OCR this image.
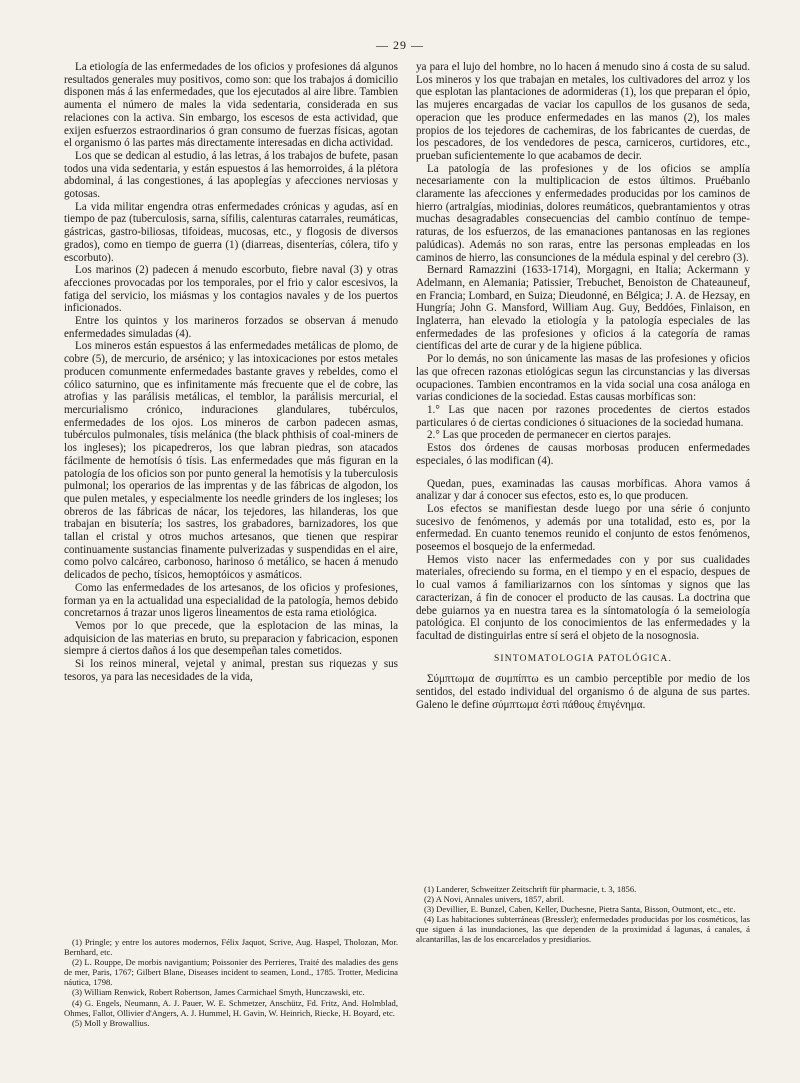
— 29 —

La etiología de las enfermedades de los oficios y profesiones dá algunos resultados generales muy positivos, como son: que los trabajos á domicilio disponen más á las enfermedades, que los ejecutados al aire libre. Tambien aumenta el número de males la vida sedentaria, considerada en sus relaciones con la activa. Sin embargo, los escesos de esta actividad, que exijen esfuerzos estraordinarios ó gran consumo de fuerzas físicas, agotan el organismo ó las partes más directamente interesadas en dicha actividad.

Los que se dedican al estudio, á las letras, á los trabajos de bufete, pasan todos una vida sedentaria, y están espuestos á las hemorroides, á la plétora abdominal, á las congestiones, á las apoplegías y afecciones nerviosas y gotosas.

La vida militar engendra otras enfermedades crónicas y agudas, así en tiempo de paz (tuberculosis, sarna, sífilis, calenturas catarrales, reumáticas, gástricas, gastro-biliosas, tifoideas, mucosas, etc., y flogosis de diversos grados), como en tiempo de guerra (1) (diarreas, disenterías, cólera, tifo y escorbuto).

Los marinos (2) padecen á menudo escorbuto, fiebre naval (3) y otras afecciones provocadas por los temporales, por el frio y calor escesivos, la fatiga del servicio, los miásmas y los contagios navales y de los puertos inficionados.

Entre los quintos y los marineros forzados se observan á menudo enfermedades simuladas (4).

Los mineros están espuestos á las enfermedades metálicas de plomo, de cobre (5), de mercurio, de arsénico; y las intoxicaciones por estos metales producen comunmente enfermedades bastante graves y rebeldes, como el cólico saturnino, que es infinitamente más frecuente que el de cobre, las atrofias y las parálisis metálicas, el temblor, la parálisis mercurial, el mercurialismo crónico, induraciones glandulares, tubérculos, enfermedades de los ojos. Los mineros de carbon padecen asmas, tubérculos pulmonales, tísis melánica (the black phthisis of coal-miners de los ingleses); los picapedreros, los que labran piedras, son atacados fácilmente de hemotísis ó tísis. Las enfermedades que más figuran en la patología de los oficios son por punto general la hemotísis y la tuberculosis pulmonal; los operarios de las imprentas y de las fábricas de algodon, los que pulen metales, y especialmente los needle grinders de los ingleses; los obreros de las fábricas de nácar, los tejedores, las hilanderas, los que trabajan en bisutería; los sastres, los grabadores, barnizadores, los que tallan el cristal y otros muchos artesanos, que tienen que respirar continuamente sustancias finamente pulverizadas y suspendidas en el aire, como polvo calcáreo, carbonoso, harinoso ó metálico, se hacen á menudo delicados de pecho, tísicos, hemoptóicos y asmáticos.

Como las enfermedades de los artesanos, de los oficios y profesiones, forman ya en la actualidad una especialidad de la patología, hemos debido concretarnos á trazar unos ligeros lineamentos de esta rama etiológica.

Vemos por lo que precede, que la esplotacion de las minas, la adquisicion de las materias en bruto, su preparacion y fabricacion, esponen siempre á ciertos daños á los que desempeñan tales cometidos.

Si los reinos mineral, vejetal y animal, prestan sus riquezas y sus tesoros, ya para las necesidades de la vida,

(1) Pringle; y entre los autores modernos, Félix Jaquot, Scrive, Aug. Haspel, Tholozan, Mor. Bernhard, etc.

(2) L. Rouppe, De morbis navigantium; Poissonier des Perrieres, Traité des maladies des gens de mer, Paris, 1767; Gilbert Blane, Diseases incident to seamen, Lond., 1785. Trotter, Medicina náutica, 1798.

(3) William Renwick, Robert Robertson, James Carmichael Smyth, Hunczawski, etc.

(4) G. Engels, Neumann, A. J. Pauer, W. E. Schmetzer, Anschütz, Fd. Fritz, And. Holmblad, Ohmes, Fallot, Ollivier d'Angers, A. J. Hummel, H. Gavin, W. Heinrich, Riecke, H. Boyard, etc.

(5) Moll y Browallius.

ya para el lujo del hombre, no lo hacen á menudo sino á costa de su salud. Los mineros y los que trabajan en metales, los cultivadores del arroz y los que esplotan las plantaciones de adormideras (1), los que preparan el ópio, las mujeres encargadas de vaciar los capullos de los gusanos de seda, operacion que les produce enfermedades en las manos (2), los males propios de los tejedores de cachemiras, de los fabricantes de cuerdas, de los pescadores, de los vendedores de pesca, carniceros, curtidores, etc., prueban suficientemente lo que acabamos de decir.

La patología de las profesiones y de los oficios se amplía necesariamente con la multiplicacion de estos últimos. Pruébanlo claramente las afecciones y enfermedades producidas por los caminos de hierro (artralgías, miodinias, dolores reumáticos, quebrantamientos y otras muchas desagradables consecuencias del cambio contínuo de temperaturas, de los esfuerzos, de las emanaciones pantanosas en las regiones palúdicas). Además no son raras, entre las personas empleadas en los caminos de hierro, las consunciones de la médula espinal y del cerebro (3).

Bernard Ramazzini (1633-1714), Morgagni, en Italia; Ackermann y Adelmann, en Alemania; Patissier, Trebuchet, Benoiston de Chateauneuf, en Francia; Lombard, en Suiza; Dieudonné, en Bélgica; J. A. de Hezsay, en Hungría; John G. Mansford, William Aug. Guy, Beddóes, Finlaison, en Inglaterra, han elevado la etiología y la patología especiales de las enfermedades de las profesiones y oficios á la categoría de ramas científicas del arte de curar y de la higiene pública.

Por lo demás, no son únicamente las masas de las profesiones y oficios las que ofrecen razonas etiológicas segun las circunstancias y las diversas ocupaciones. Tambien encontramos en la vida social una cosa análoga en varias condiciones de la sociedad. Estas causas morbíficas son:

1.° Las que nacen por razones procedentes de ciertos estados particulares ó de ciertas condiciones ó situaciones de la sociedad humana.

2.° Las que proceden de permanecer en ciertos parajes.

Estos dos órdenes de causas morbosas producen enfermedades especiales, ó las modifican (4).

Quedan, pues, examinadas las causas morbíficas. Ahora vamos á analizar y dar á conocer sus efectos, esto es, lo que producen.

Los efectos se manifiestan desde luego por una série ó conjunto sucesivo de fenómenos, y además por una totalidad, esto es, por la enfermedad. En cuanto tenemos reunido el conjunto de estos fenómenos, poseemos el bosquejo de la enfermedad.

Hemos visto nacer las enfermedades con y por sus cualidades materiales, ofreciendo su forma, en el tiempo y en el espacio, despues de lo cual vamos á familiarizarnos con los síntomas y signos que las caracterizan, á fin de conocer el producto de las causas. La doctrina que debe guiarnos ya en nuestra tarea es la síntomatología ó la semeiología patológica. El conjunto de los conocimientos de las enfermedades y la facultad de distinguirlas entre sí será el objeto de la nosognosia.

SINTOMATOLOGIA PATOLÓGICA.

Σύμπτωμα de συμπίπτω es un cambio perceptible por medio de los sentidos, del estado individual del organismo ó de alguna de sus partes. Galeno le define σύμπτωμα ἐστὶ πάθους ἐπιγένημα.

(1) Landerer, Schweitzer Zeitschrift für pharmacie, t. 3, 1856.

(2) A Novi, Annales univers, 1857, abril.

(3) Devillier, E. Bunzel, Caben, Keller, Duchesne, Pietra Santa, Bisson, Outmont, etc., etc.

(4) Las habitaciones subterráneas (Bressler); enfermedades producidas por los cosméticos, las que siguen á las inundaciones, las que dependen de la proximidad á lagunas, á canales, á alcantarillas, las de los encarcelados y presidiarios.
